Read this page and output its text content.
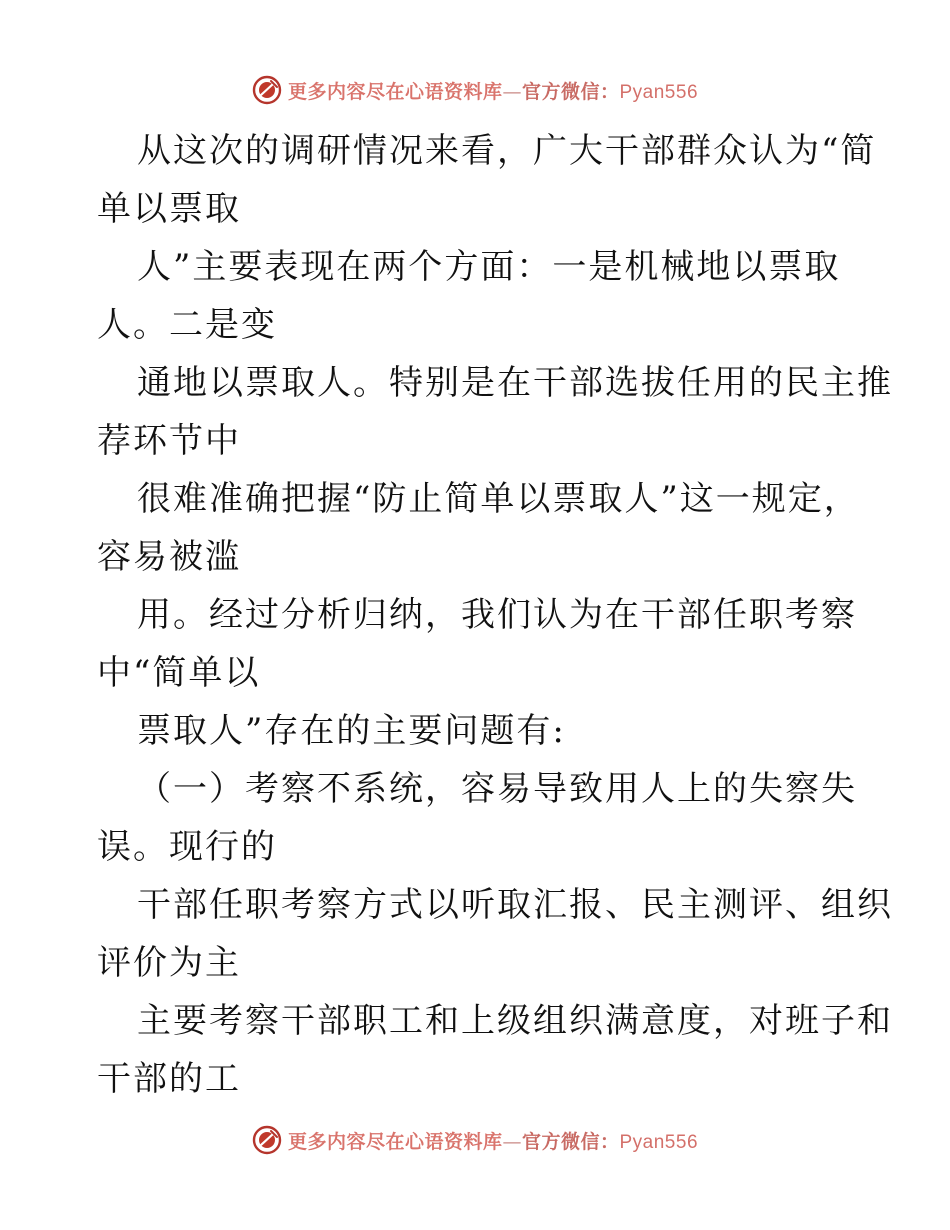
更多内容尽在心语资料库—官方微信：Pyan556

从这次的调研情况来看，广大干部群众认为“简
单以票取

人”主要表现在两个方面：一是机械地以票取
人。二是变

通地以票取人。特别是在干部选拔任用的民主推
荐环节中

很难准确把握“防止简单以票取人”这一规定，
容易被滥

用。经过分析归纳，我们认为在干部任职考察
中“简单以

票取人”存在的主要问题有:

（一）考察不系统，容易导致用人上的失察失
误。现行的

干部任职考察方式以听取汇报、民主测评、组织
评价为主

主要考察干部职工和上级组织满意度，对班子和
干部的工

更多内容尽在心语资料库—官方微信：Pyan556
